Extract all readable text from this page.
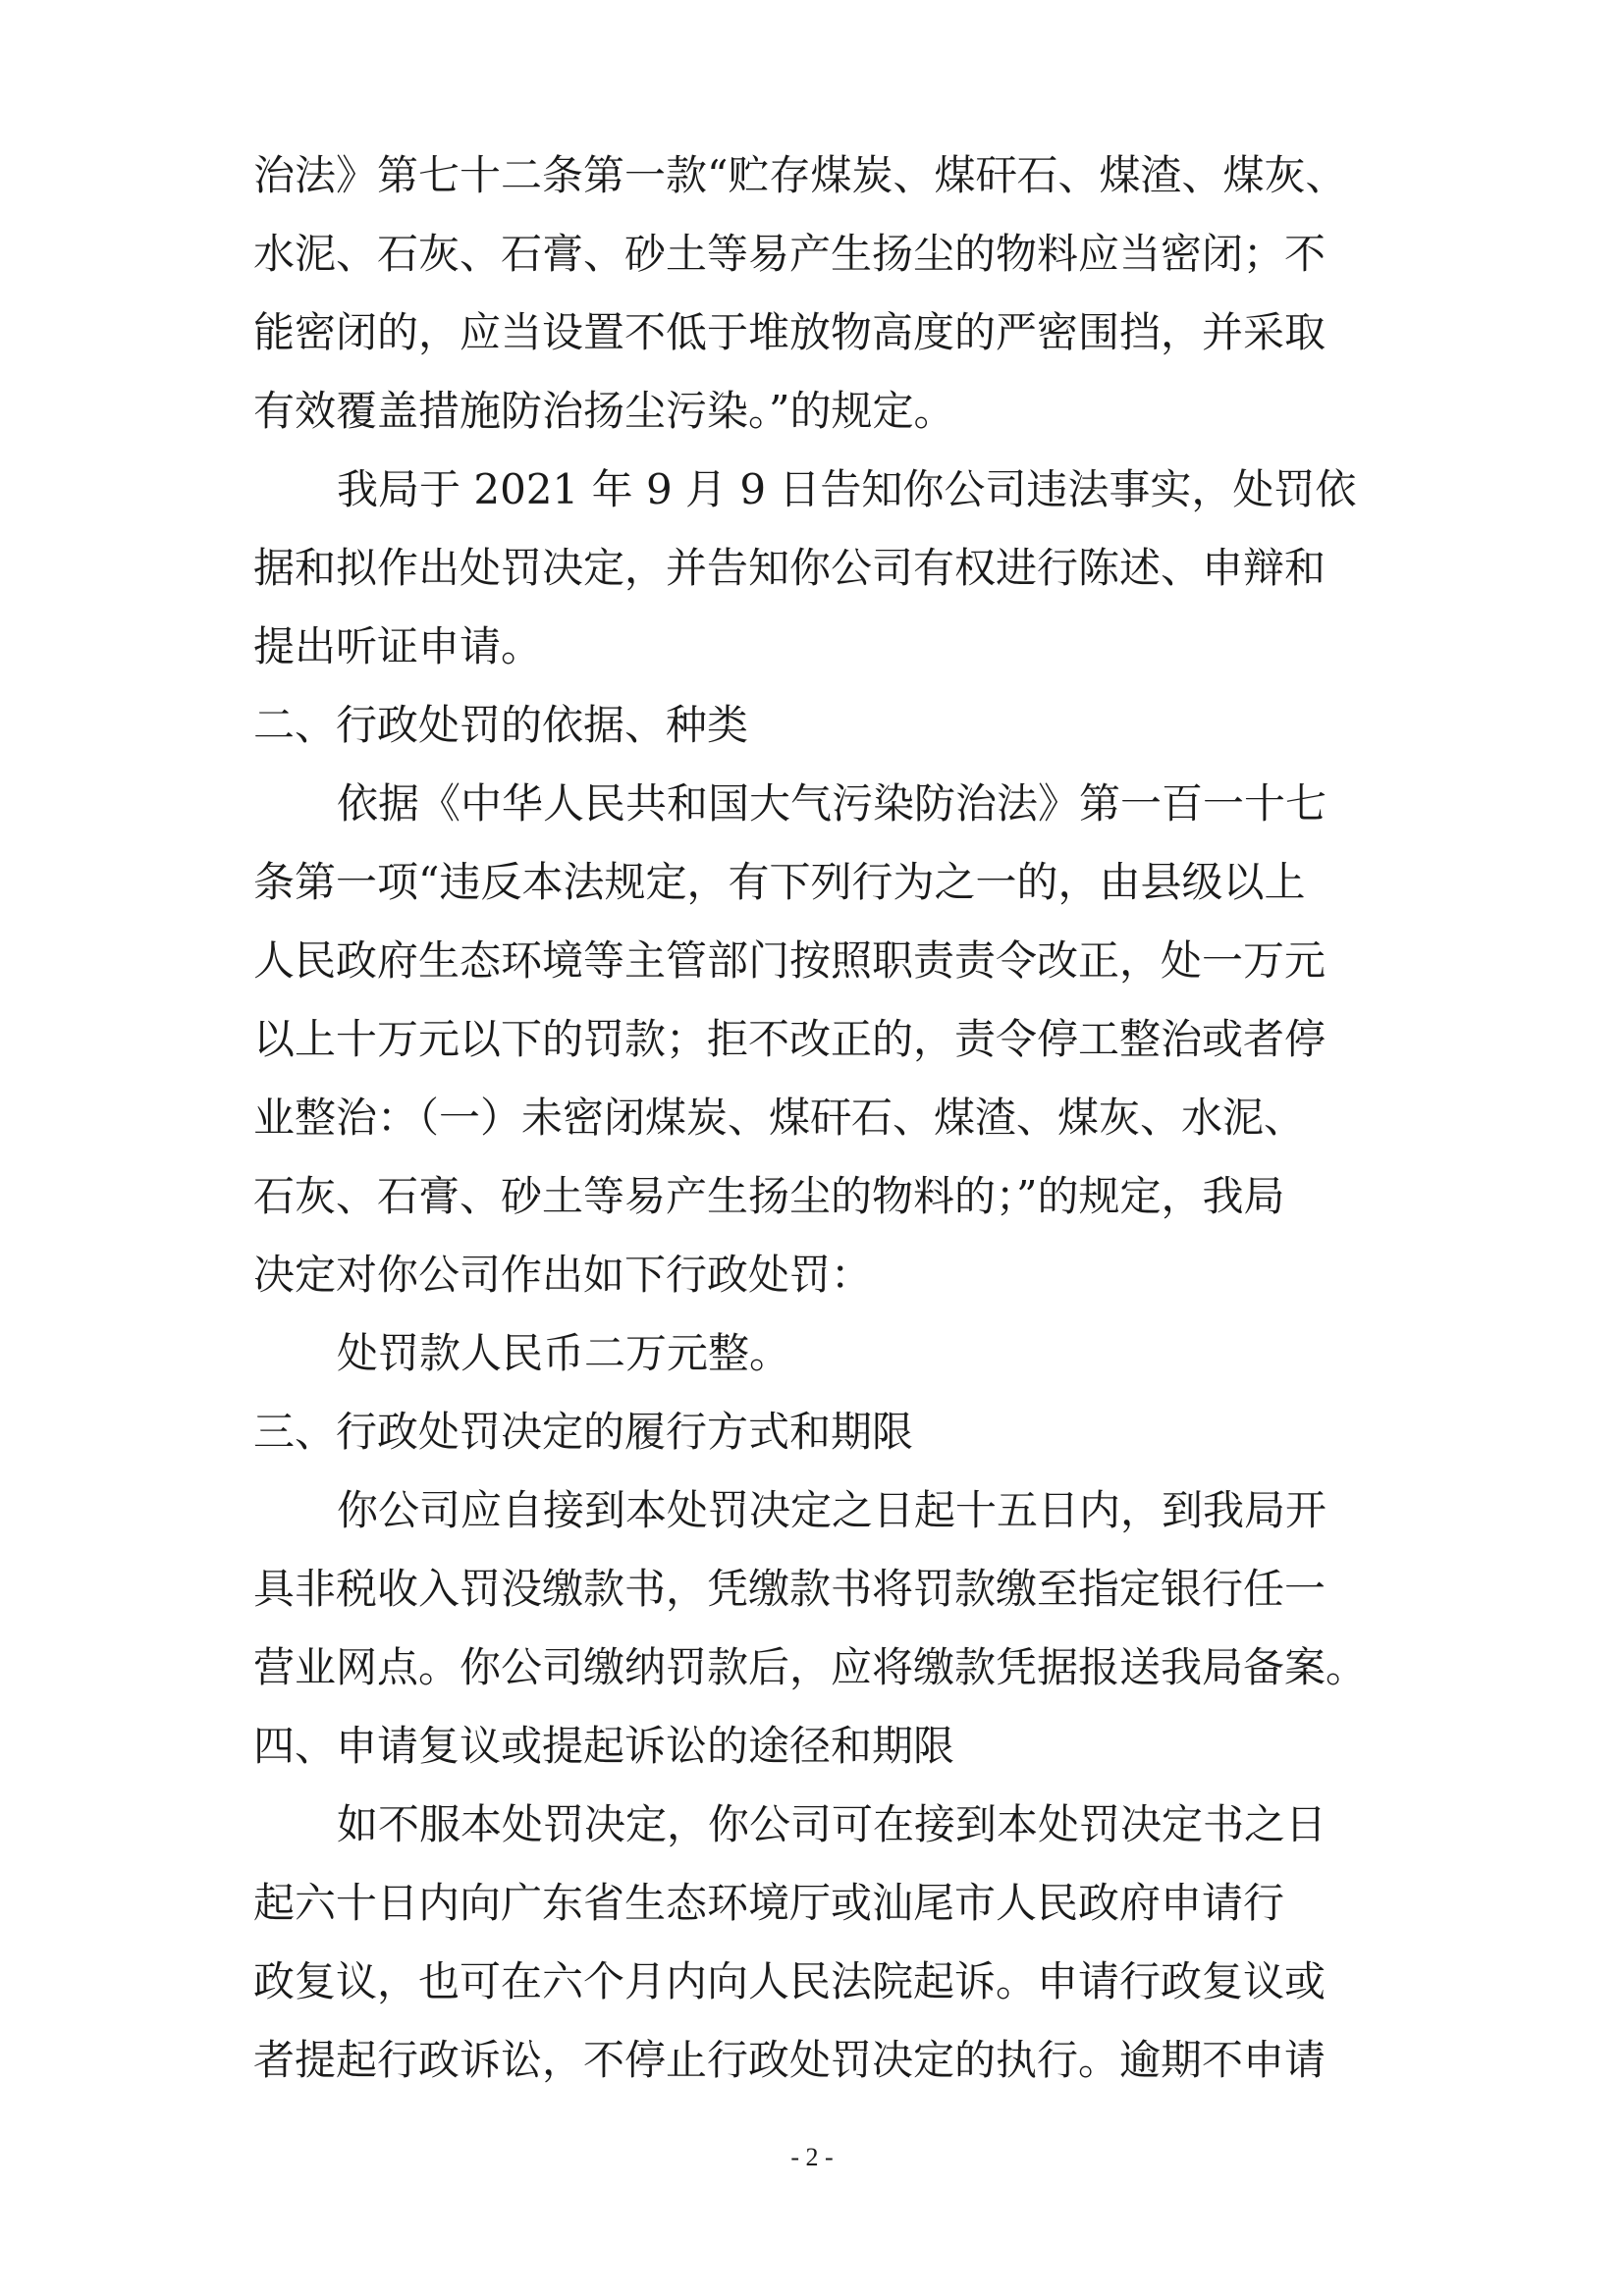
治法》第七十二条第一款“贮存煤炭、煤矸石、煤渣、煤灰、
水泥、石灰、石膏、砂土等易产生扬尘的物料应当密闭；不
能密闭的，应当设置不低于堆放物高度的严密围挡，并采取
有效覆盖措施防治扬尘污染。”的规定。
我局于 2021 年 9 月 9 日告知你公司违法事实，处罚依
据和拟作出处罚决定，并告知你公司有权进行陈述、申辩和
提出听证申请。
二、行政处罚的依据、种类
依据《中华人民共和国大气污染防治法》第一百一十七
条第一项“违反本法规定，有下列行为之一的，由县级以上
人民政府生态环境等主管部门按照职责责令改正，处一万元
以上十万元以下的罚款；拒不改正的，责令停工整治或者停
业整治：（一）未密闭煤炭、煤矸石、煤渣、煤灰、水泥、
石灰、石膏、砂土等易产生扬尘的物料的；”的规定，我局
决定对你公司作出如下行政处罚：
处罚款人民币二万元整。
三、行政处罚决定的履行方式和期限
你公司应自接到本处罚决定之日起十五日内，到我局开
具非税收入罚没缴款书，凭缴款书将罚款缴至指定银行任一
营业网点。你公司缴纳罚款后，应将缴款凭据报送我局备案。
四、申请复议或提起诉讼的途径和期限
如不服本处罚决定，你公司可在接到本处罚决定书之日
起六十日内向广东省生态环境厅或汕尾市人民政府申请行
政复议，也可在六个月内向人民法院起诉。申请行政复议或
者提起行政诉讼，不停止行政处罚决定的执行。逾期不申请
- 2 -
